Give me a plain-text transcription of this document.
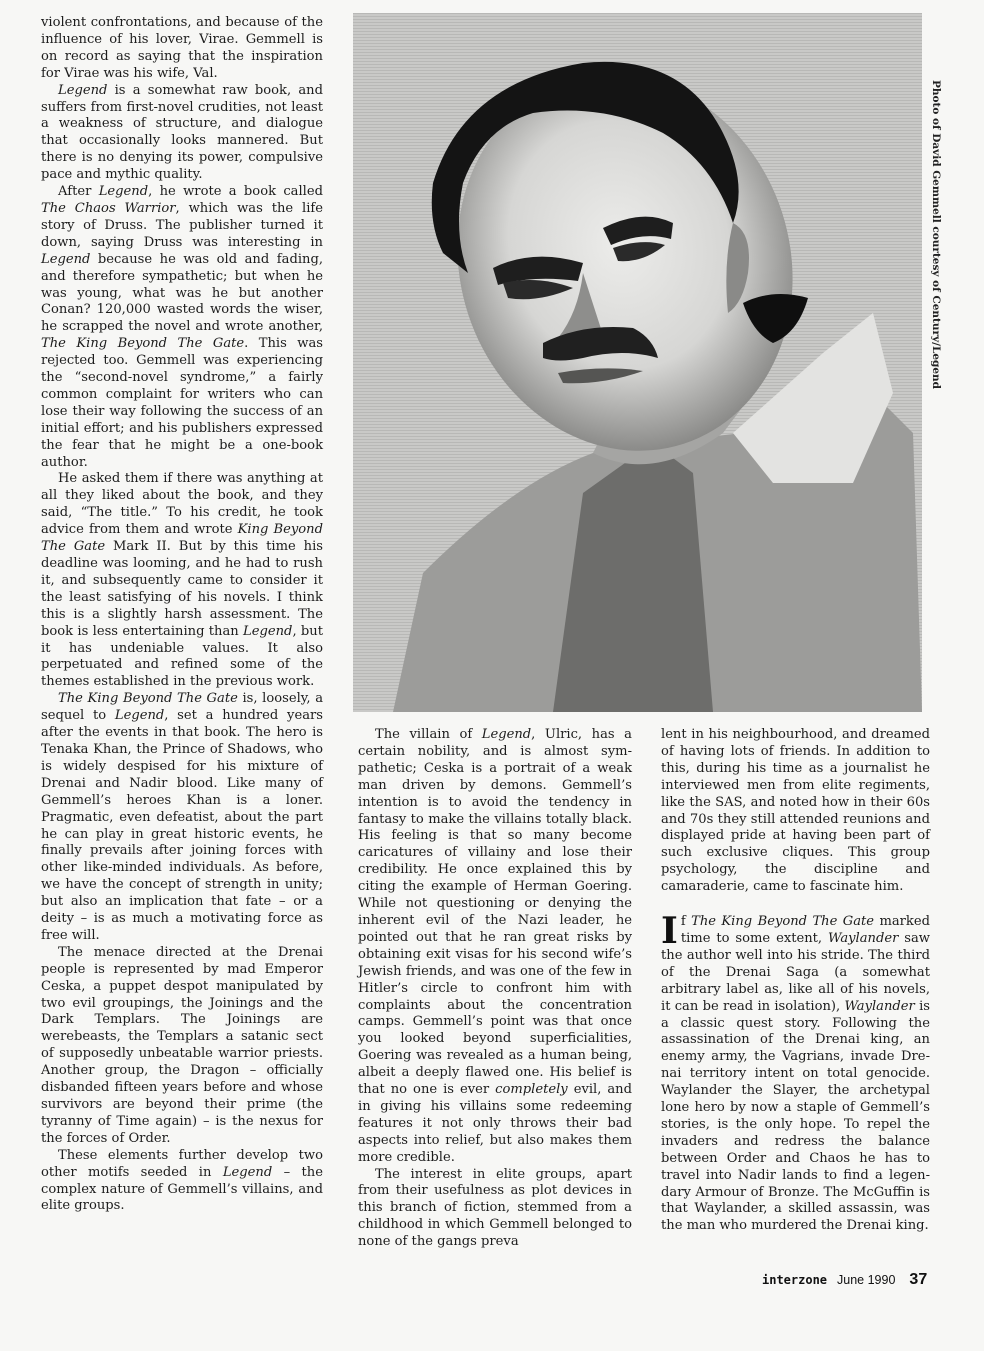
violent confrontations, and because of the influence of his lover, Virae. Gemmell is on record as saying that the inspiration for Virae was his wife, Val.

Legend is a somewhat raw book, and suffers from first-novel crudities, not least a weakness of structure, and dialogue that occasionally looks mannered. But there is no denying its power, compulsive pace and mythic quality.

After Legend, he wrote a book called The Chaos Warrior, which was the life story of Druss. The publisher turned it down, saying Druss was interesting in Legend because he was old and fading, and therefore sympathetic; but when he was young, what was he but another Conan? 120,000 wasted words the wiser, he scrapped the novel and wrote another, The King Beyond The Gate. This was rejected too. Gemmell was experiencing the “second-novel syndrome,” a fairly common complaint for writers who can lose their way following the success of an initial effort; and his publishers expressed the fear that he might be a one-book author.

He asked them if there was anything at all they liked about the book, and they said, “The title.” To his credit, he took advice from them and wrote King Beyond The Gate Mark II. But by this time his deadline was looming, and he had to rush it, and subsequently came to consider it the least satisfying of his novels. I think this is a slightly harsh assessment. The book is less entertaining than Legend, but it has undeniable values. It also perpetuated and refined some of the themes established in the previous work.

The King Beyond The Gate is, loosely, a sequel to Legend, set a hundred years after the events in that book. The hero is Tenaka Khan, the Prince of Shadows, who is widely despised for his mixture of Drenai and Nadir blood. Like many of Gemmell’s heroes Khan is a loner. Pragmatic, even defeatist, about the part he can play in great historic events, he finally prevails after joining forces with other like-minded individuals. As before, we have the concept of strength in unity; but also an implication that fate – or a deity – is as much a motivating force as free will.

The menace directed at the Drenai people is represented by mad Emperor Ceska, a puppet despot manipulated by two evil groupings, the Joinings and the Dark Templars. The Joinings are werebeasts, the Templars a satanic sect of supposedly unbeatable warrior priests. Another group, the Dragon – officially disbanded fifteen years before and whose survivors are beyond their prime (the tyranny of Time again) – is the nexus for the forces of Order.

These elements further develop two other motifs seeded in Legend – the complex nature of Gemmell’s villains, and elite groups.

Photo of David Gemmell courtesy of Century/Legend

The villain of Legend, Ulric, has a certain nobility, and is almost sympathetic; Ceska is a portrait of a weak man driven by demons. Gemmell’s intention is to avoid the tendency in fantasy to make the villains totally black. His feeling is that so many become caricatures of villainy and lose their credibility. He once explained this by citing the example of Herman Goering. While not questioning or denying the inherent evil of the Nazi leader, he pointed out that he ran great risks by obtaining exit visas for his second wife’s Jewish friends, and was one of the few in Hitler’s circle to confront him with complaints about the concentration camps. Gemmell’s point was that once you looked beyond superficialities, Goering was revealed as a human being, albeit a deeply flawed one. His belief is that no one is ever completely evil, and in giving his villains some redeeming features it not only throws their bad aspects into relief, but also makes them more credible.

The interest in elite groups, apart from their usefulness as plot devices in this branch of fiction, stemmed from a childhood in which Gemmell belonged to none of the gangs preva

lent in his neighbourhood, and dreamed of having lots of friends. In addition to this, during his time as a journalist he interviewed men from elite regiments, like the SAS, and noted how in their 60s and 70s they still attended reunions and displayed pride at having been part of such exclusive cliques. This group psychology, the discipline and camaraderie, came to fascinate him.

If The King Beyond The Gate marked time to some extent, Waylander saw the author well into his stride. The third of the Drenai Saga (a somewhat arbitrary label as, like all of his novels, it can be read in isolation), Waylander is a classic quest story. Following the assassination of the Drenai king, an enemy army, the Vagrians, invade Drenai territory intent on total genocide. Waylander the Slayer, the archetypal lone hero by now a staple of Gemmell’s stories, is the only hope. To repel the invaders and redress the balance between Order and Chaos he has to travel into Nadir lands to find a legendary Armour of Bronze. The McGuffin is that Waylander, a skilled assassin, was the man who murdered the Drenai king.

interzone June 1990 37
